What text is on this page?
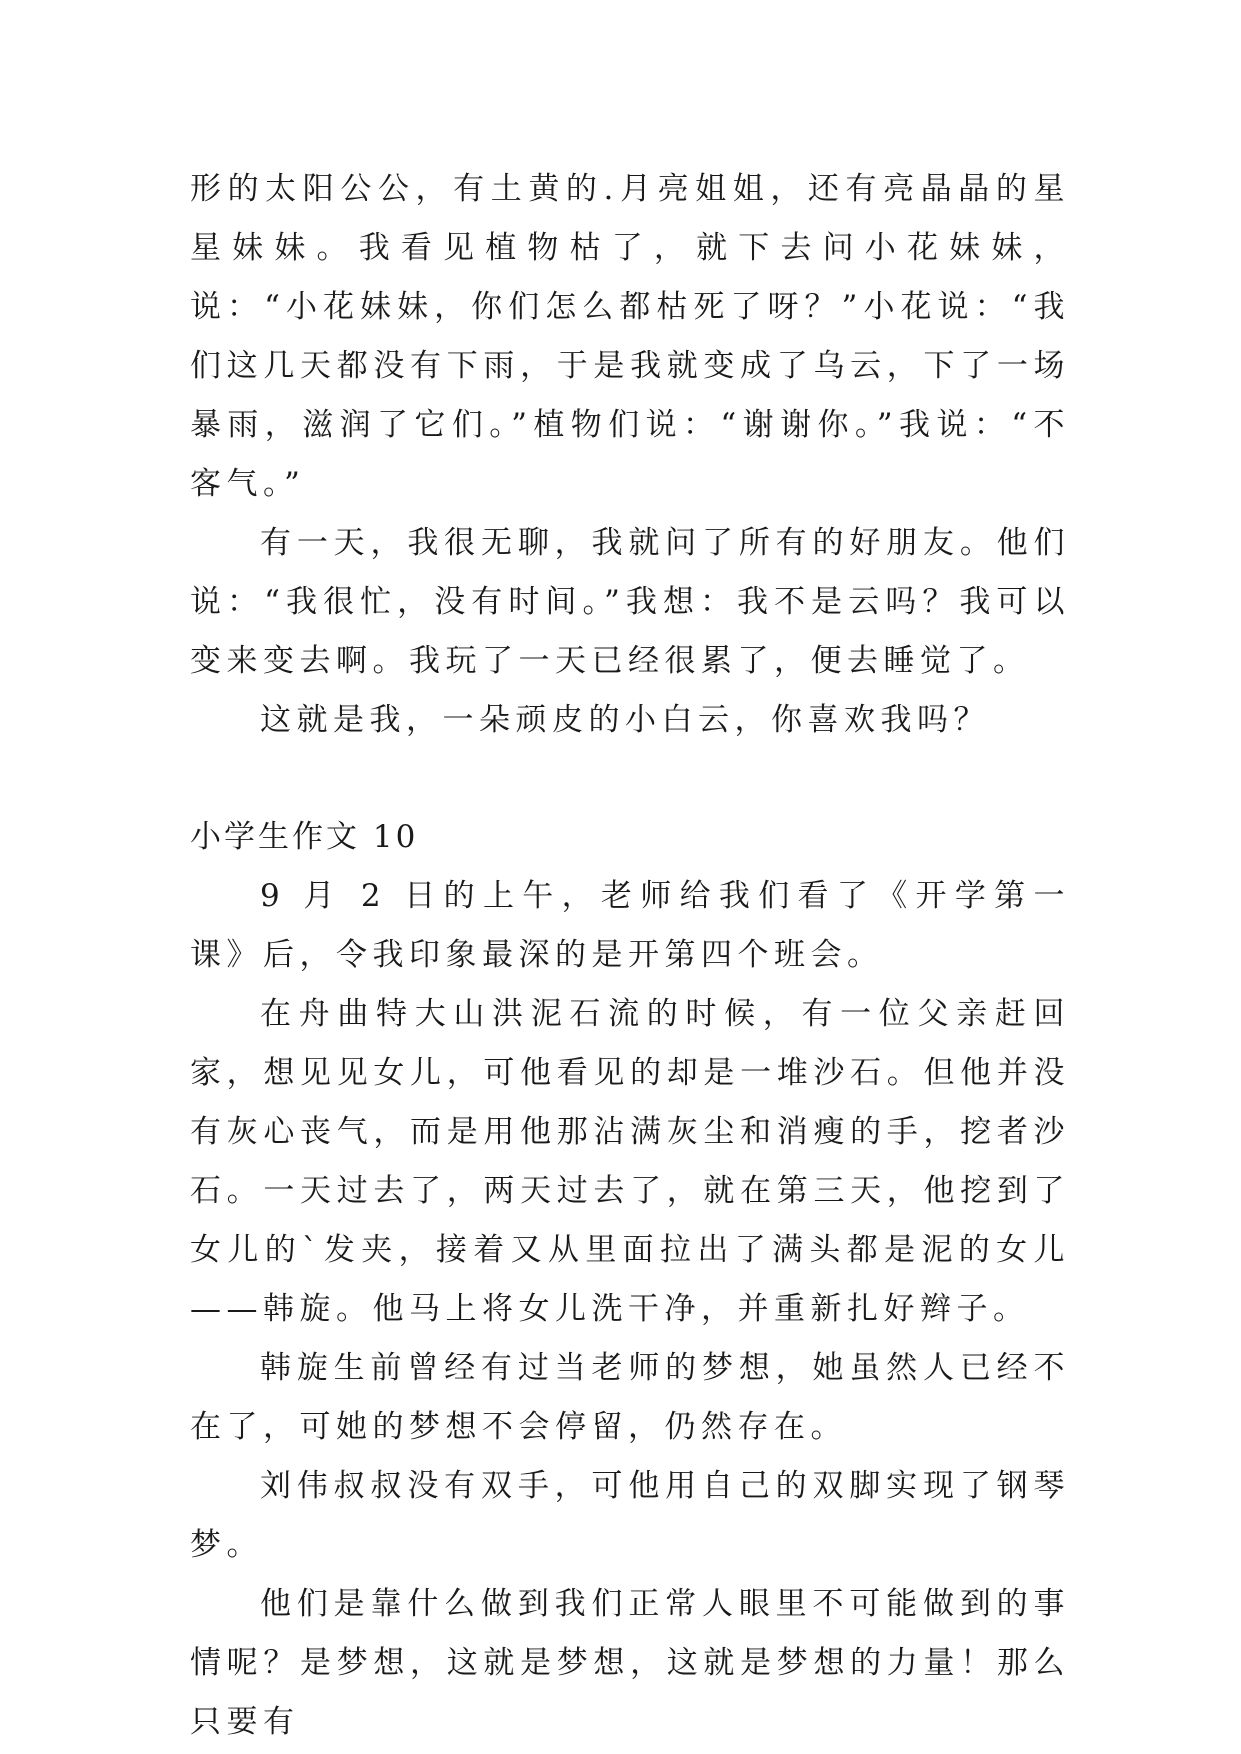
形的太阳公公，有土黄的.月亮姐姐，还有亮晶晶的星星妹妹。我看见植物枯了，就下去问小花妹妹，说：“小花妹妹，你们怎么都枯死了呀？”小花说：“我们这几天都没有下雨，于是我就变成了乌云，下了一场暴雨，滋润了它们。”植物们说：“谢谢你。”我说：“不客气。”

有一天，我很无聊，我就问了所有的好朋友。他们说：“我很忙，没有时间。”我想：我不是云吗？我可以变来变去啊。我玩了一天已经很累了，便去睡觉了。

这就是我，一朵顽皮的小白云，你喜欢我吗？

小学生作文 10

9 月 2 日的上午，老师给我们看了《开学第一课》后，令我印象最深的是开第四个班会。

在舟曲特大山洪泥石流的时候，有一位父亲赶回家，想见见女儿，可他看见的却是一堆沙石。但他并没有灰心丧气，而是用他那沾满灰尘和消瘦的手，挖者沙石。一天过去了，两天过去了，就在第三天，他挖到了女儿的`发夹，接着又从里面拉出了满头都是泥的女儿——韩旋。他马上将女儿洗干净，并重新扎好辫子。

韩旋生前曾经有过当老师的梦想，她虽然人已经不在了，可她的梦想不会停留，仍然存在。

刘伟叔叔没有双手，可他用自己的双脚实现了钢琴梦。

他们是靠什么做到我们正常人眼里不可能做到的事情呢？是梦想，这就是梦想，这就是梦想的力量！那么只要有
